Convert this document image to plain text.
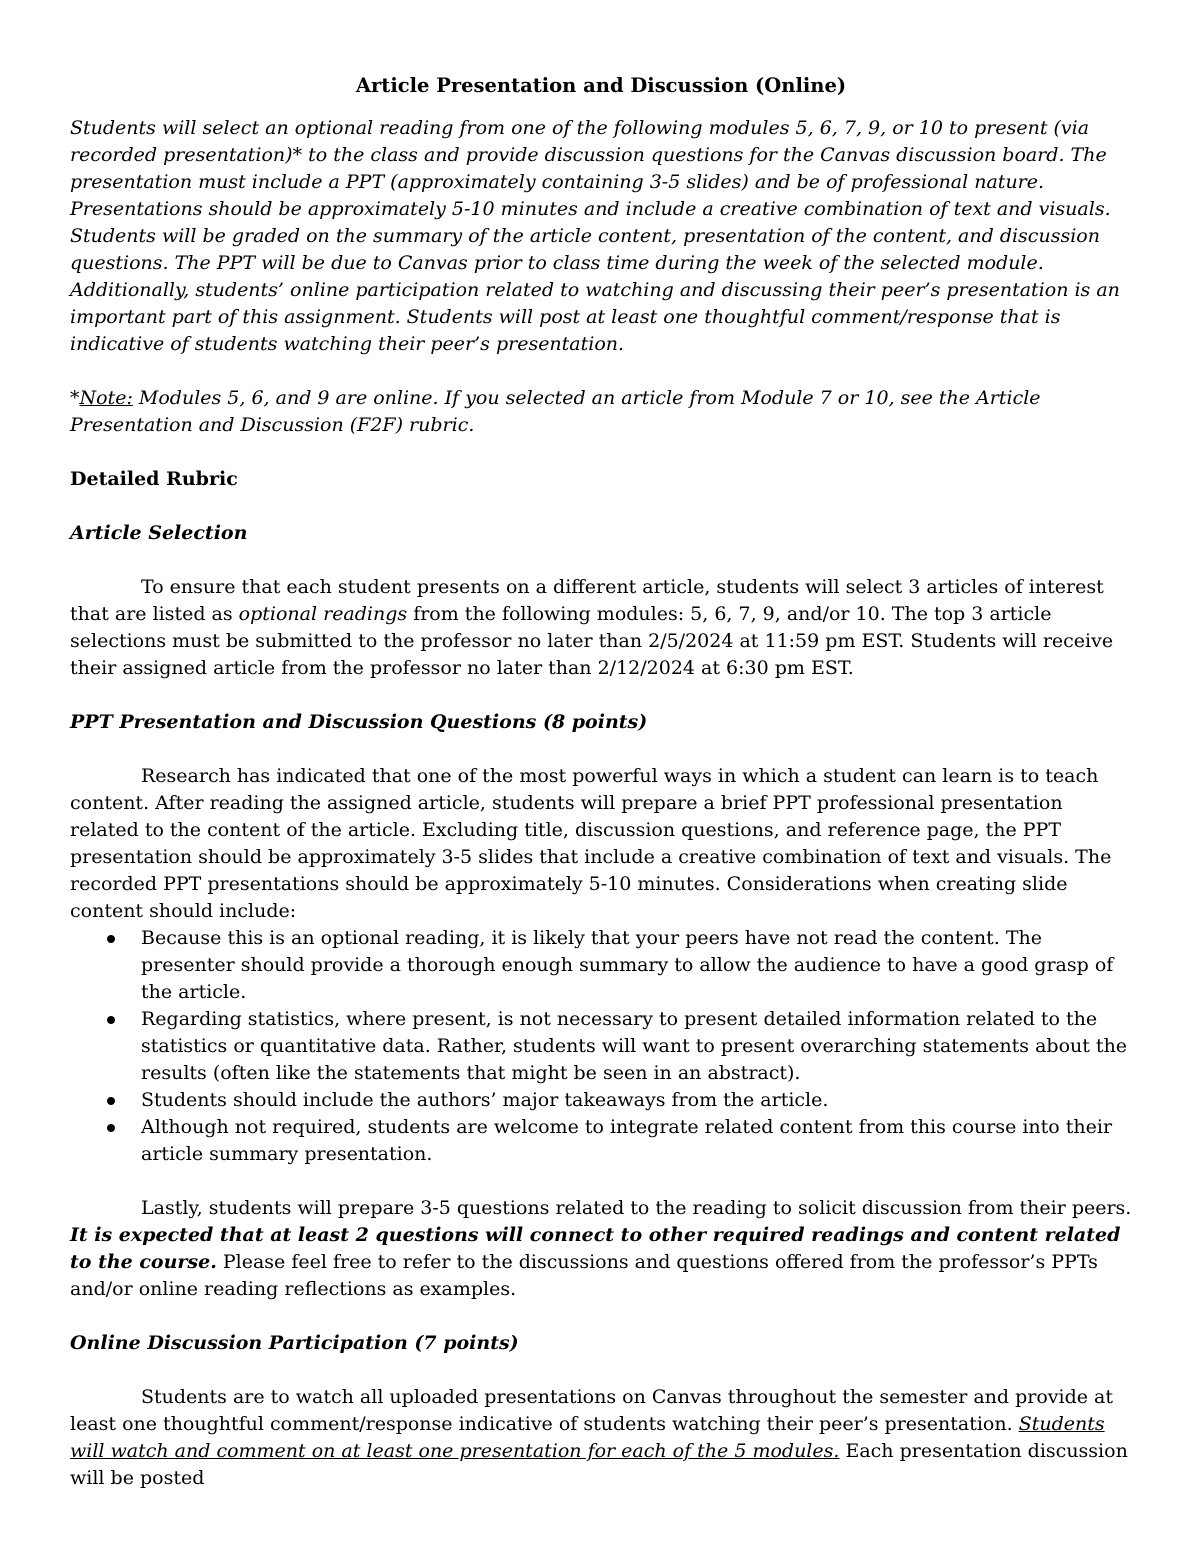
Article Presentation and Discussion (Online)

Students will select an optional reading from one of the following modules 5, 6, 7, 9, or 10 to present (via recorded presentation)* to the class and provide discussion questions for the Canvas discussion board. The presentation must include a PPT (approximately containing 3-5 slides) and be of professional nature. Presentations should be approximately 5-10 minutes and include a creative combination of text and visuals. Students will be graded on the summary of the article content, presentation of the content, and discussion questions. The PPT will be due to Canvas prior to class time during the week of the selected module. Additionally, students’ online participation related to watching and discussing their peer’s presentation is an important part of this assignment. Students will post at least one thoughtful comment/response that is indicative of students watching their peer’s presentation.

*Note: Modules 5, 6, and 9 are online. If you selected an article from Module 7 or 10, see the Article Presentation and Discussion (F2F) rubric.

Detailed Rubric

Article Selection

To ensure that each student presents on a different article, students will select 3 articles of interest that are listed as optional readings from the following modules: 5, 6, 7, 9, and/or 10. The top 3 article selections must be submitted to the professor no later than 2/5/2024 at 11:59 pm EST. Students will receive their assigned article from the professor no later than 2/12/2024 at 6:30 pm EST.

PPT Presentation and Discussion Questions (8 points)

Research has indicated that one of the most powerful ways in which a student can learn is to teach content. After reading the assigned article, students will prepare a brief PPT professional presentation related to the content of the article. Excluding title, discussion questions, and reference page, the PPT presentation should be approximately 3-5 slides that include a creative combination of text and visuals. The recorded PPT presentations should be approximately 5-10 minutes. Considerations when creating slide content should include:

Because this is an optional reading, it is likely that your peers have not read the content. The presenter should provide a thorough enough summary to allow the audience to have a good grasp of the article.
Regarding statistics, where present, is not necessary to present detailed information related to the statistics or quantitative data. Rather, students will want to present overarching statements about the results (often like the statements that might be seen in an abstract).
Students should include the authors’ major takeaways from the article.
Although not required, students are welcome to integrate related content from this course into their article summary presentation.

Lastly, students will prepare 3-5 questions related to the reading to solicit discussion from their peers. It is expected that at least 2 questions will connect to other required readings and content related to the course. Please feel free to refer to the discussions and questions offered from the professor’s PPTs and/or online reading reflections as examples.

Online Discussion Participation (7 points)

Students are to watch all uploaded presentations on Canvas throughout the semester and provide at least one thoughtful comment/response indicative of students watching their peer’s presentation. Students will watch and comment on at least one presentation for each of the 5 modules. Each presentation discussion will be posted
